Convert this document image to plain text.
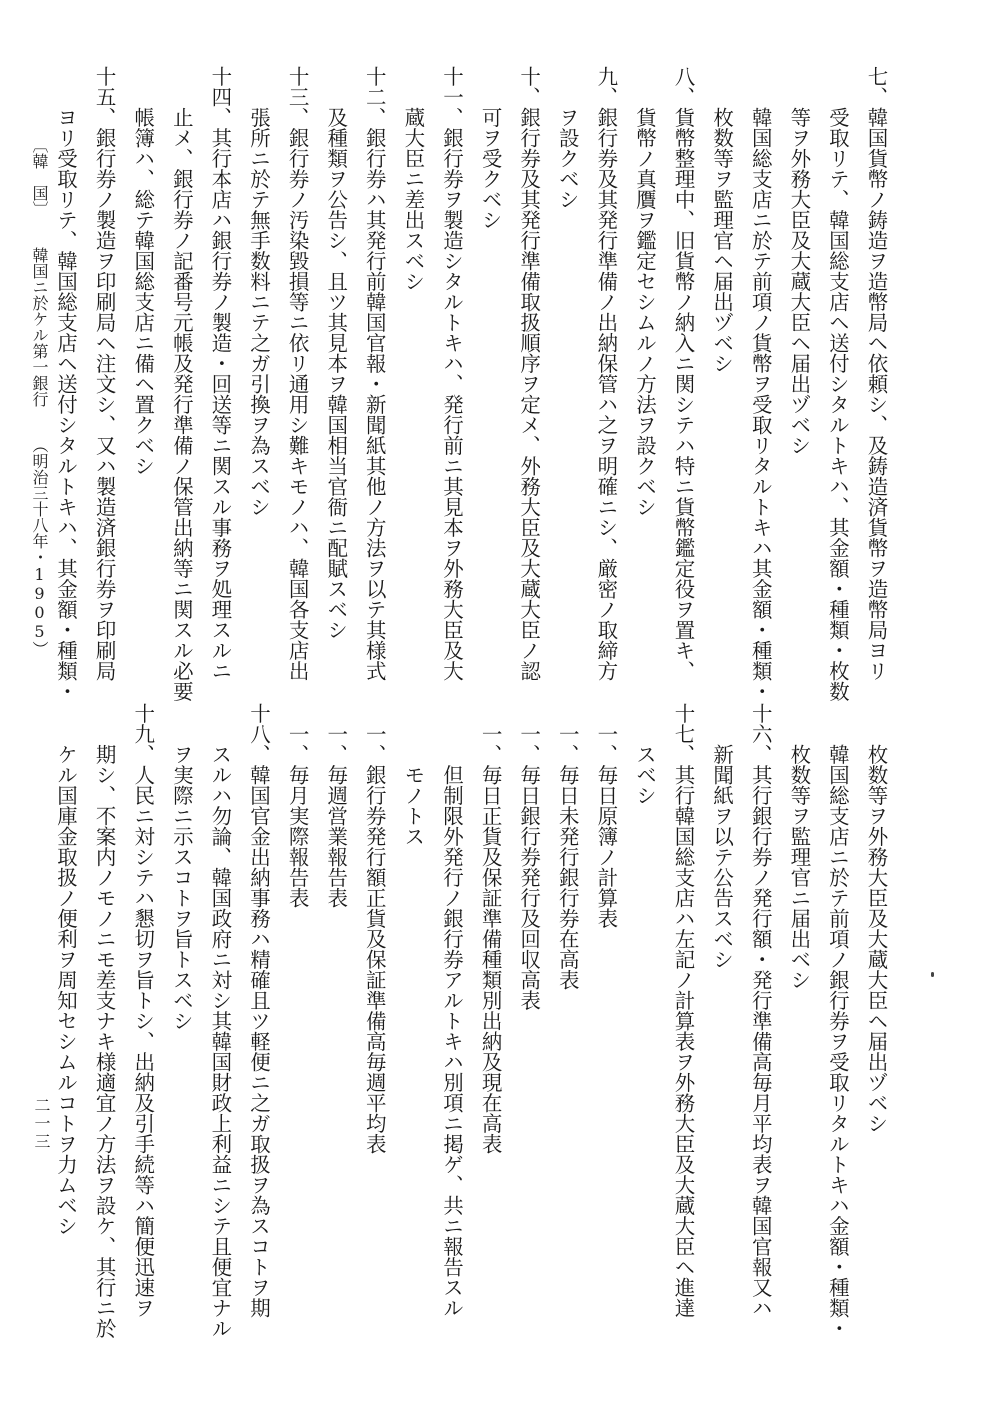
七、韓国貨幣ノ鋳造ヲ造幣局ヘ依頼シ、及鋳造済貨幣ヲ造幣局ヨリ
　　受取リテ、韓国総支店ヘ送付シタルトキハ、其金額・種類・枚数
　　等ヲ外務大臣及大蔵大臣ヘ届出ヅベシ
　　韓国総支店ニ於テ前項ノ貨幣ヲ受取リタルトキハ其金額・種類・
　　枚数等ヲ監理官ヘ届出ヅベシ
八、貨幣整理中、旧貨幣ノ納入ニ関シテハ特ニ貨幣鑑定役ヲ置キ、
　　貨幣ノ真贋ヲ鑑定セシムルノ方法ヲ設クベシ
九、銀行券及其発行準備ノ出納保管ハ之ヲ明確ニシ、厳密ノ取締方
　　ヲ設クベシ
十、銀行券及其発行準備取扱順序ヲ定メ、外務大臣及大蔵大臣ノ認
　　可ヲ受クベシ
十一、銀行券ヲ製造シタルトキハ、発行前ニ其見本ヲ外務大臣及大
　　蔵大臣ニ差出スベシ
十二、銀行券ハ其発行前韓国官報・新聞紙其他ノ方法ヲ以テ其様式
　　及種類ヲ公告シ、且ツ其見本ヲ韓国相当官衙ニ配賦スベシ
十三、銀行券ノ汚染毀損等ニ依リ通用シ難キモノハ、韓国各支店出
　　張所ニ於テ無手数料ニテ之ガ引換ヲ為スベシ
十四、其行本店ハ銀行券ノ製造・回送等ニ関スル事務ヲ処理スルニ
　　止メ、銀行券ノ記番号元帳及発行準備ノ保管出納等ニ関スル必要
　　帳簿ハ、総テ韓国総支店ニ備ヘ置クベシ
十五、銀行券ノ製造ヲ印刷局ヘ注文シ、又ハ製造済銀行券ヲ印刷局
　　ヨリ受取リテ、韓国総支店ヘ送付シタルトキハ、其金額・種類・
　　枚数等ヲ外務大臣及大蔵大臣ヘ届出ヅベシ
　　韓国総支店ニ於テ前項ノ銀行券ヲ受取リタルトキハ金額・種類・
　　枚数等ヲ監理官ニ届出ベシ
十六、其行銀行券ノ発行額・発行準備高毎月平均表ヲ韓国官報又ハ
　　新聞紙ヲ以テ公告スベシ
十七、其行韓国総支店ハ左記ノ計算表ヲ外務大臣及大蔵大臣ヘ進達
　　スベシ
　一、毎日原簿ノ計算表
　一、毎日未発行銀行券在高表
　一、毎日銀行券発行及回収高表
　一、毎日正貨及保証準備種類別出納及現在高表
　　　但制限外発行ノ銀行券アルトキハ別項ニ掲ゲ、共ニ報告スル
　　　モノトス
　一、銀行券発行額正貨及保証準備高毎週平均表
　一、毎週営業報告表
　一、毎月実際報告表
十八、韓国官金出納事務ハ精確且ツ軽便ニ之ガ取扱ヲ為スコトヲ期
　　スルハ勿論、韓国政府ニ対シ其韓国財政上利益ニシテ且便宜ナル
　　ヲ実際ニ示スコトヲ旨トスベシ
十九、人民ニ対シテハ懇切ヲ旨トシ、出納及引手続等ハ簡便迅速ヲ
　　期シ、不案内ノモノニモ差支ナキ様適宜ノ方法ヲ設ケ、其行ニ於
　　ケル国庫金取扱ノ便利ヲ周知セシムルコトヲ力ムベシ
〔韓　国〕韓国ニ於ケル第一銀行（明治三十八年・1905）
二一三
